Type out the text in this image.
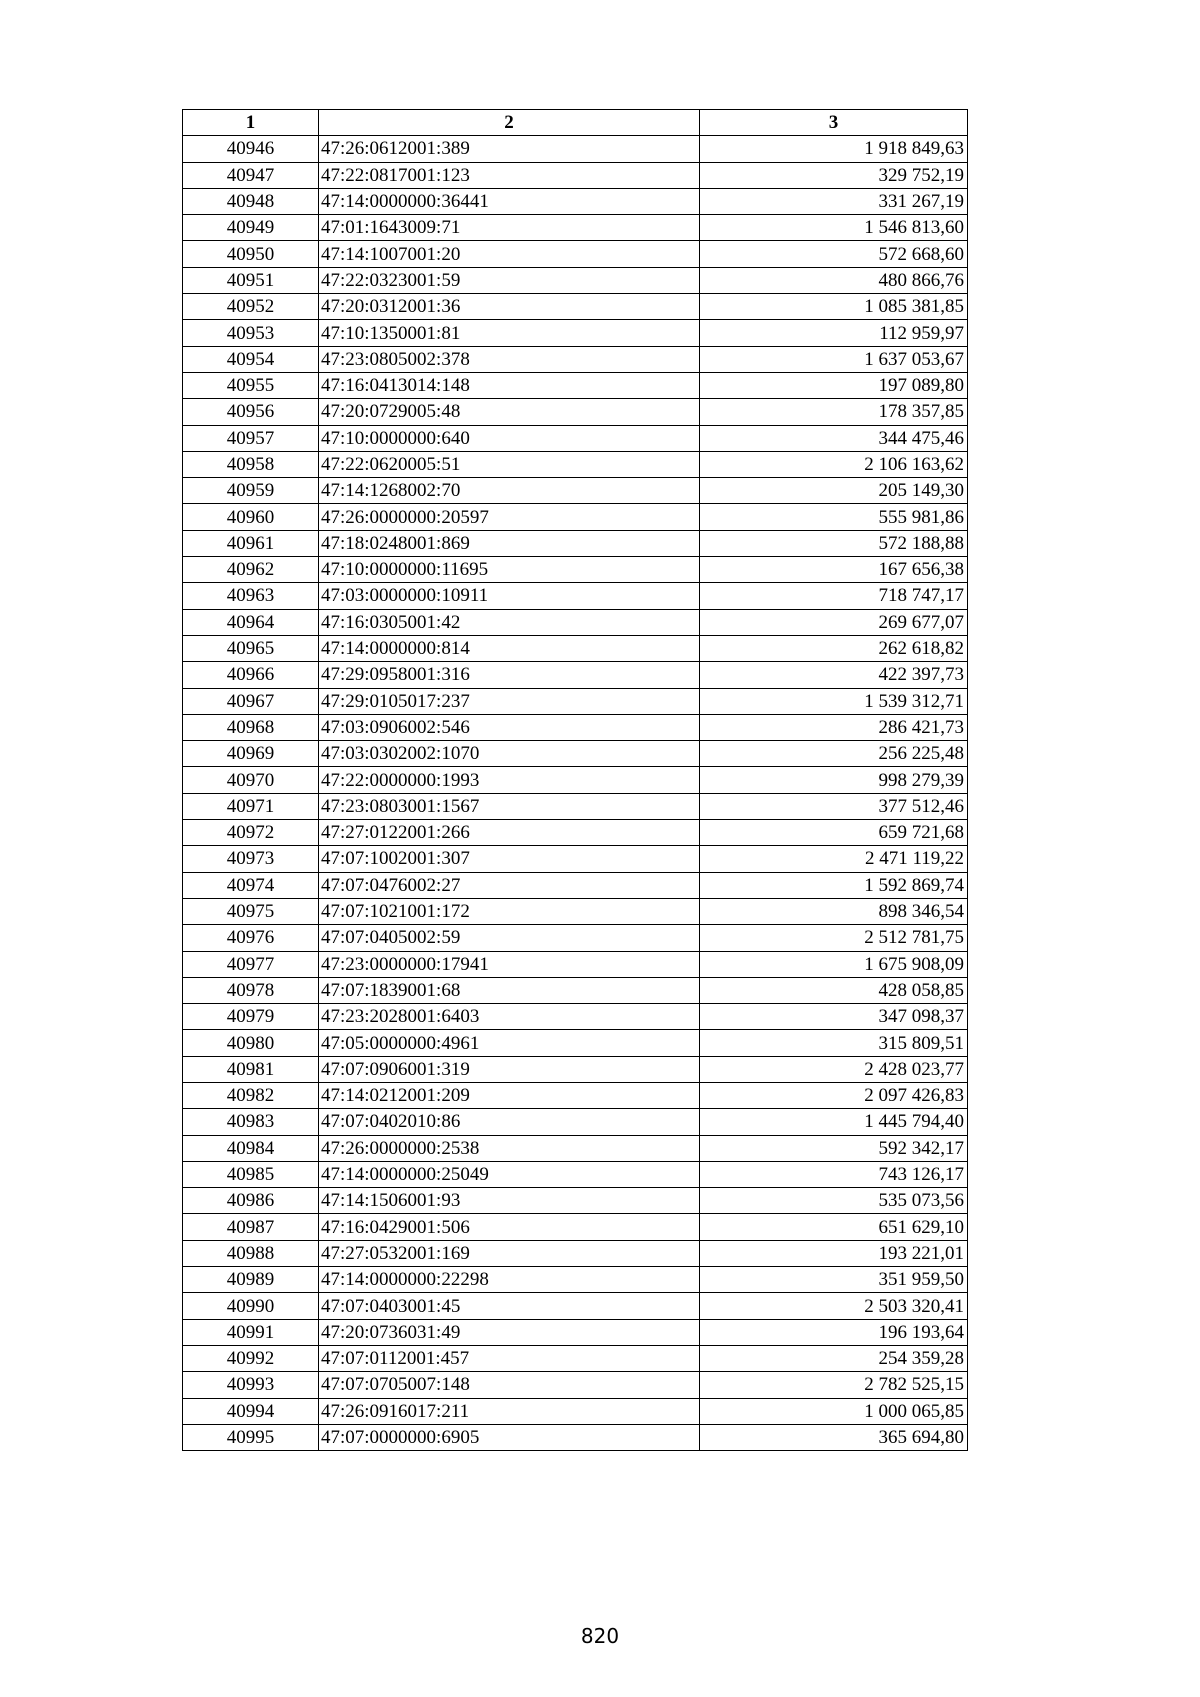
1	2	3
40946	47:26:0612001:389	1 918 849,63
40947	47:22:0817001:123	329 752,19
40948	47:14:0000000:36441	331 267,19
40949	47:01:1643009:71	1 546 813,60
40950	47:14:1007001:20	572 668,60
40951	47:22:0323001:59	480 866,76
40952	47:20:0312001:36	1 085 381,85
40953	47:10:1350001:81	112 959,97
40954	47:23:0805002:378	1 637 053,67
40955	47:16:0413014:148	197 089,80
40956	47:20:0729005:48	178 357,85
40957	47:10:0000000:640	344 475,46
40958	47:22:0620005:51	2 106 163,62
40959	47:14:1268002:70	205 149,30
40960	47:26:0000000:20597	555 981,86
40961	47:18:0248001:869	572 188,88
40962	47:10:0000000:11695	167 656,38
40963	47:03:0000000:10911	718 747,17
40964	47:16:0305001:42	269 677,07
40965	47:14:0000000:814	262 618,82
40966	47:29:0958001:316	422 397,73
40967	47:29:0105017:237	1 539 312,71
40968	47:03:0906002:546	286 421,73
40969	47:03:0302002:1070	256 225,48
40970	47:22:0000000:1993	998 279,39
40971	47:23:0803001:1567	377 512,46
40972	47:27:0122001:266	659 721,68
40973	47:07:1002001:307	2 471 119,22
40974	47:07:0476002:27	1 592 869,74
40975	47:07:1021001:172	898 346,54
40976	47:07:0405002:59	2 512 781,75
40977	47:23:0000000:17941	1 675 908,09
40978	47:07:1839001:68	428 058,85
40979	47:23:2028001:6403	347 098,37
40980	47:05:0000000:4961	315 809,51
40981	47:07:0906001:319	2 428 023,77
40982	47:14:0212001:209	2 097 426,83
40983	47:07:0402010:86	1 445 794,40
40984	47:26:0000000:2538	592 342,17
40985	47:14:0000000:25049	743 126,17
40986	47:14:1506001:93	535 073,56
40987	47:16:0429001:506	651 629,10
40988	47:27:0532001:169	193 221,01
40989	47:14:0000000:22298	351 959,50
40990	47:07:0403001:45	2 503 320,41
40991	47:20:0736031:49	196 193,64
40992	47:07:0112001:457	254 359,28
40993	47:07:0705007:148	2 782 525,15
40994	47:26:0916017:211	1 000 065,85
40995	47:07:0000000:6905	365 694,80
820
